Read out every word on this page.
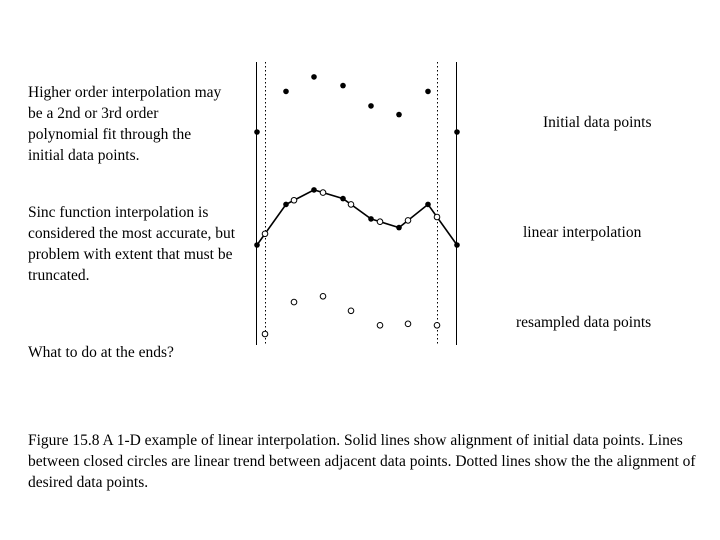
Higher order interpolation may be a 2nd or 3rd order polynomial fit through the initial data points.
Sinc function interpolation is considered the most accurate, but problem with extent that must be truncated.
What to do at the ends?
Initial data points
linear interpolation
resampled data points
Figure 15.8 A 1-D example of linear interpolation. Solid lines show alignment of initial data points. Lines between closed circles are linear trend between adjacent data points. Dotted lines show the the alignment of desired data points.
